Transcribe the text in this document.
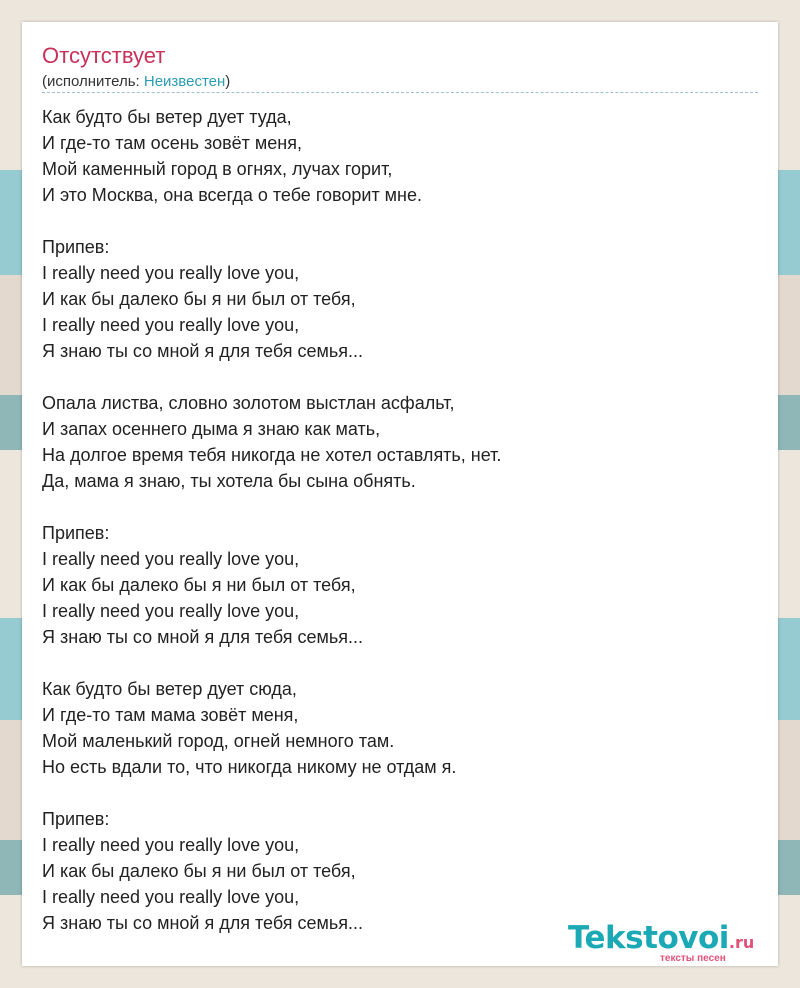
Отсутствует
(исполнитель: Неизвестен)
Как будто бы ветер дует туда,
И где-то там осень зовёт меня,
Мой каменный город в огнях, лучах горит,
И это Москва, она всегда о тебе говорит мне.
Припев:
I really need you really love you,
И как бы далеко бы я ни был от тебя,
I really need you really love you,
Я знаю ты со мной я для тебя семья...
Опала листва, словно золотом выстлан асфальт,
И запах осеннего дыма я знаю как мать,
На долгое время тебя никогда не хотел оставлять, нет.
Да, мама я знаю, ты хотела бы сына обнять.
Припев:
I really need you really love you,
И как бы далеко бы я ни был от тебя,
I really need you really love you,
Я знаю ты со мной я для тебя семья...
Как будто бы ветер дует сюда,
И где-то там мама зовёт меня,
Мой маленький город, огней немного там.
Но есть вдали то, что никогда никому не отдам я.
Припев:
I really need you really love you,
И как бы далеко бы я ни был от тебя,
I really need you really love you,
Я знаю ты со мной я для тебя семья...	Tekstovoi.ru
тексты песен
